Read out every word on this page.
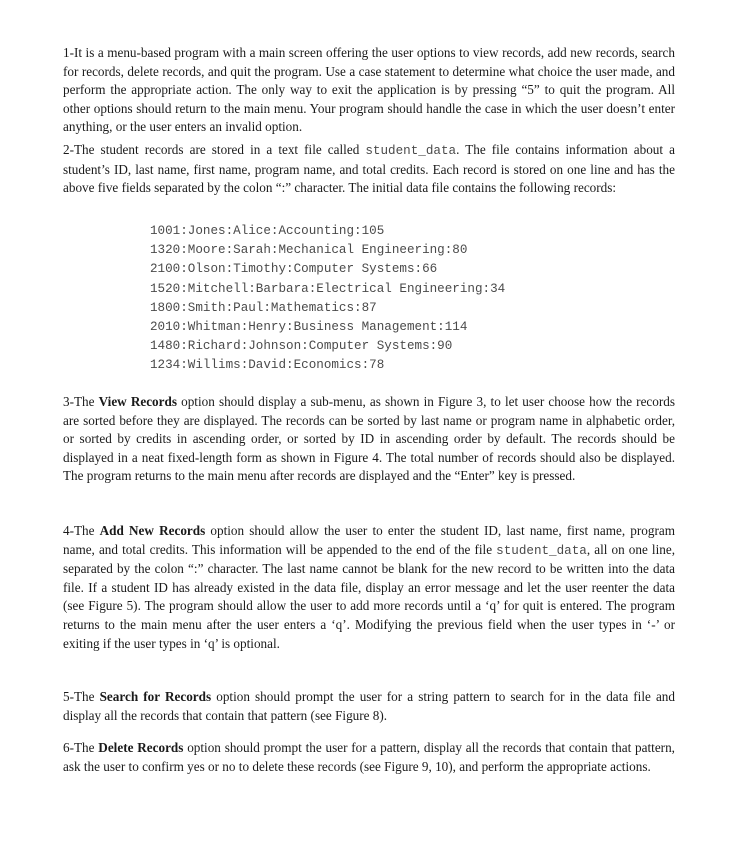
1-It is a menu-based program with a main screen offering the user options to view records, add new records, search for records, delete records, and quit the program. Use a case statement to determine what choice the user made, and perform the appropriate action. The only way to exit the application is by pressing “5” to quit the program. All other options should return to the main menu. Your program should handle the case in which the user doesn’t enter anything, or the user enters an invalid option.

2-The student records are stored in a text file called student_data. The file contains information about a student’s ID, last name, first name, program name, and total credits. Each record is stored on one line and has the above five fields separated by the colon “:” character. The initial data file contains the following records:

1001:Jones:Alice:Accounting:105
1320:Moore:Sarah:Mechanical Engineering:80
2100:Olson:Timothy:Computer Systems:66
1520:Mitchell:Barbara:Electrical Engineering:34
1800:Smith:Paul:Mathematics:87
2010:Whitman:Henry:Business Management:114
1480:Richard:Johnson:Computer Systems:90
1234:Willims:David:Economics:78

3-The View Records option should display a sub-menu, as shown in Figure 3, to let user choose how the records are sorted before they are displayed. The records can be sorted by last name or program name in alphabetic order, or sorted by credits in ascending order, or sorted by ID in ascending order by default. The records should be displayed in a neat fixed-length form as shown in Figure 4. The total number of records should also be displayed. The program returns to the main menu after records are displayed and the “Enter” key is pressed.

4-The Add New Records option should allow the user to enter the student ID, last name, first name, program name, and total credits. This information will be appended to the end of the file student_data, all on one line, separated by the colon “:” character. The last name cannot be blank for the new record to be written into the data file. If a student ID has already existed in the data file, display an error message and let the user reenter the data (see Figure 5). The program should allow the user to add more records until a ‘q’ for quit is entered. The program returns to the main menu after the user enters a ‘q’. Modifying the previous field when the user types in ‘-’ or exiting if the user types in ‘q’ is optional.

5-The Search for Records option should prompt the user for a string pattern to search for in the data file and display all the records that contain that pattern (see Figure 8).

6-The Delete Records option should prompt the user for a pattern, display all the records that contain that pattern, ask the user to confirm yes or no to delete these records (see Figure 9, 10), and perform the appropriate actions.
